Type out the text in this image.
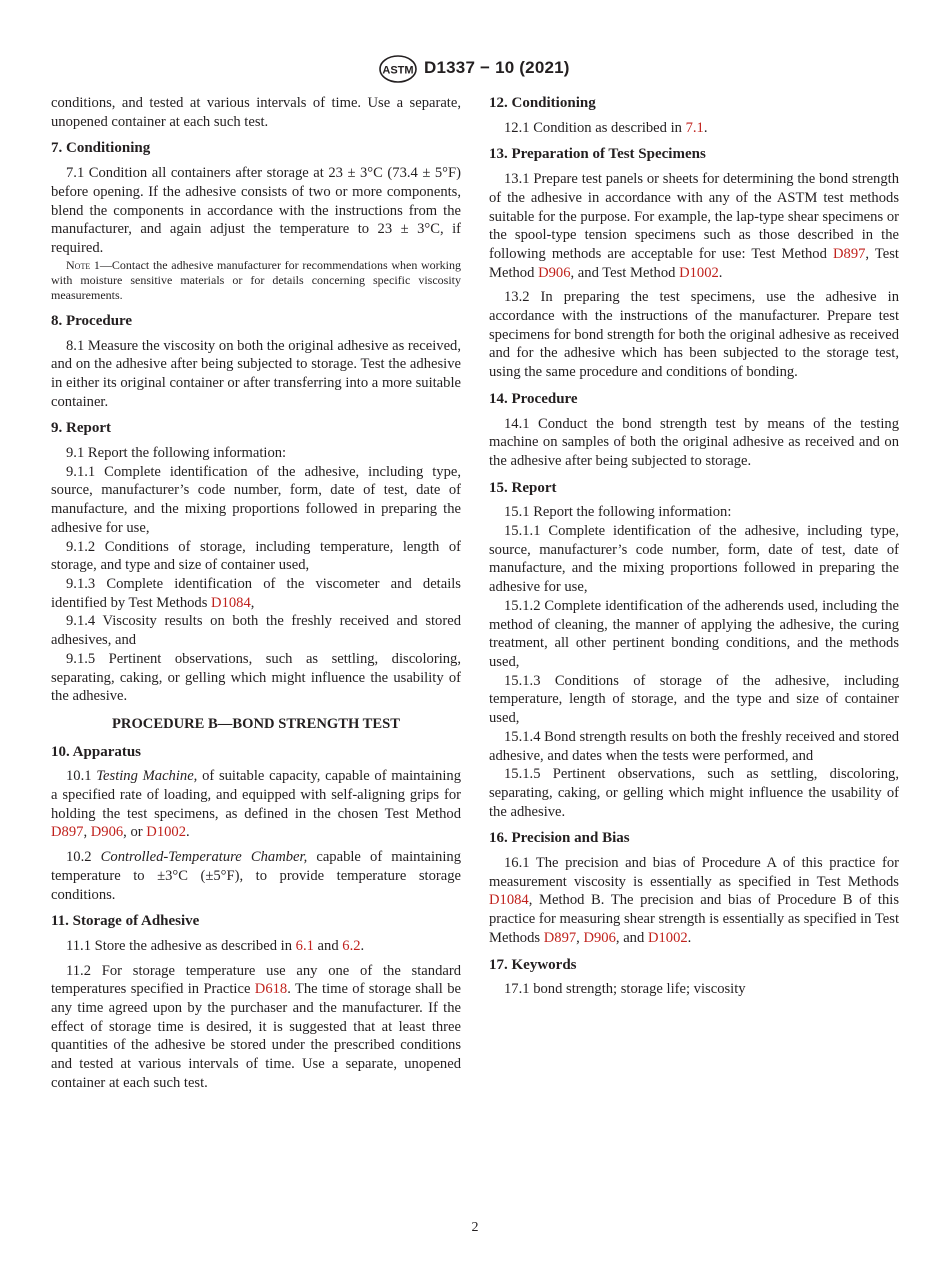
ASTM D1337 − 10 (2021)

conditions, and tested at various intervals of time. Use a separate, unopened container at each such test.

7. Conditioning

7.1 Condition all containers after storage at 23 ± 3°C (73.4 ± 5°F) before opening. If the adhesive consists of two or more components, blend the components in accordance with the instructions from the manufacturer, and again adjust the temperature to 23 ± 3°C, if required.

Note 1—Contact the adhesive manufacturer for recommendations when working with moisture sensitive materials or for details concerning specific viscosity measurements.

8. Procedure

8.1 Measure the viscosity on both the original adhesive as received, and on the adhesive after being subjected to storage. Test the adhesive in either its original container or after transferring into a more suitable container.

9. Report

9.1 Report the following information:

9.1.1 Complete identification of the adhesive, including type, source, manufacturer’s code number, form, date of test, date of manufacture, and the mixing proportions followed in preparing the adhesive for use,

9.1.2 Conditions of storage, including temperature, length of storage, and type and size of container used,

9.1.3 Complete identification of the viscometer and details identified by Test Methods D1084,

9.1.4 Viscosity results on both the freshly received and stored adhesives, and

9.1.5 Pertinent observations, such as settling, discoloring, separating, caking, or gelling which might influence the usability of the adhesive.

PROCEDURE B—BOND STRENGTH TEST
10. Apparatus

10.1 Testing Machine, of suitable capacity, capable of maintaining a specified rate of loading, and equipped with self-aligning grips for holding the test specimens, as defined in the chosen Test Method D897, D906, or D1002.

10.2 Controlled-Temperature Chamber, capable of maintaining temperature to ±3°C (±5°F), to provide temperature storage conditions.

11. Storage of Adhesive

11.1 Store the adhesive as described in 6.1 and 6.2.

11.2 For storage temperature use any one of the standard temperatures specified in Practice D618. The time of storage shall be any time agreed upon by the purchaser and the manufacturer. If the effect of storage time is desired, it is suggested that at least three quantities of the adhesive be stored under the prescribed conditions and tested at various intervals of time. Use a separate, unopened container at each such test.

12. Conditioning

12.1 Condition as described in 7.1.

13. Preparation of Test Specimens

13.1 Prepare test panels or sheets for determining the bond strength of the adhesive in accordance with any of the ASTM test methods suitable for the purpose. For example, the lap-type shear specimens or the spool-type tension specimens such as those described in the following methods are acceptable for use: Test Method D897, Test Method D906, and Test Method D1002.

13.2 In preparing the test specimens, use the adhesive in accordance with the instructions of the manufacturer. Prepare test specimens for bond strength for both the original adhesive as received and for the adhesive which has been subjected to the storage test, using the same procedure and conditions of bonding.

14. Procedure

14.1 Conduct the bond strength test by means of the testing machine on samples of both the original adhesive as received and on the adhesive after being subjected to storage.

15. Report

15.1 Report the following information:

15.1.1 Complete identification of the adhesive, including type, source, manufacturer’s code number, form, date of test, date of manufacture, and the mixing proportions followed in preparing the adhesive for use,

15.1.2 Complete identification of the adherends used, including the method of cleaning, the manner of applying the adhesive, the curing treatment, all other pertinent bonding conditions, and the methods used,

15.1.3 Conditions of storage of the adhesive, including temperature, length of storage, and the type and size of container used,

15.1.4 Bond strength results on both the freshly received and stored adhesive, and dates when the tests were performed, and

15.1.5 Pertinent observations, such as settling, discoloring, separating, caking, or gelling which might influence the usability of the adhesive.

16. Precision and Bias

16.1 The precision and bias of Procedure A of this practice for measurement viscosity is essentially as specified in Test Methods D1084, Method B. The precision and bias of Procedure B of this practice for measuring shear strength is essentially as specified in Test Methods D897, D906, and D1002.

17. Keywords

17.1 bond strength; storage life; viscosity

2
